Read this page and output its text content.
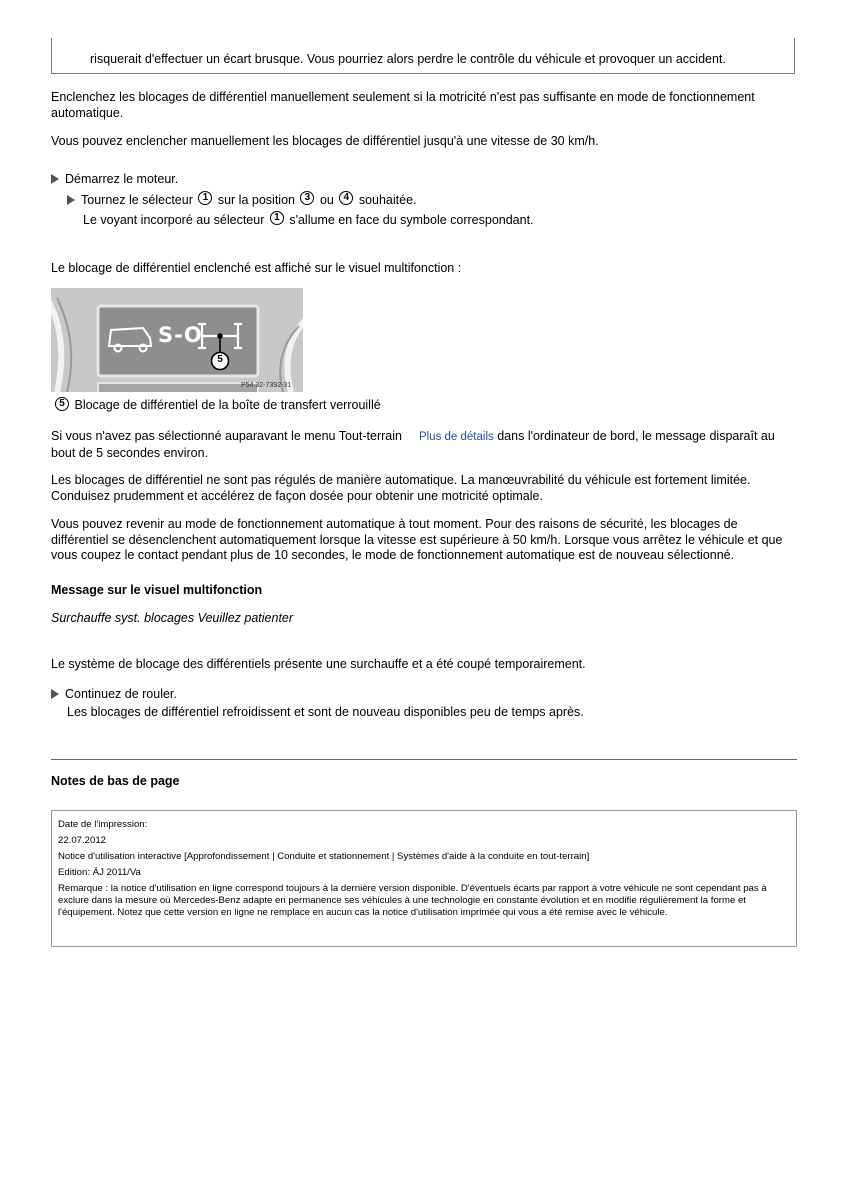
risquerait d'effectuer un écart brusque. Vous pourriez alors perdre le contrôle du véhicule et provoquer un accident.
Enclenchez les blocages de différentiel manuellement seulement si la motricité n'est pas suffisante en mode de fonctionnement automatique.
Vous pouvez enclencher manuellement les blocages de différentiel jusqu'à une vitesse de 30 km/h.
Démarrez le moteur.
Tournez le sélecteur 1 sur la position 3 ou 4 souhaitée.
Le voyant incorporé au sélecteur 1 s'allume en face du symbole correspondant.
Le blocage de différentiel enclenché est affiché sur le visuel multifonction :
S-O
5
P54.32-7392-31
5 Blocage de différentiel de la boîte de transfert verrouillé
Si vous n'avez pas sélectionné auparavant le menu Tout-terrain Plus de détails dans l'ordinateur de bord, le message disparaît au bout de 5 secondes environ.
Les blocages de différentiel ne sont pas régulés de manière automatique. La manœuvrabilité du véhicule est fortement limitée. Conduisez prudemment et accélérez de façon dosée pour obtenir une motricité optimale.
Vous pouvez revenir au mode de fonctionnement automatique à tout moment. Pour des raisons de sécurité, les blocages de différentiel se désenclenchent automatiquement lorsque la vitesse est supérieure à 50 km/h. Lorsque vous arrêtez le véhicule et que vous coupez le contact pendant plus de 10 secondes, le mode de fonctionnement automatique est de nouveau sélectionné.
Message sur le visuel multifonction
Surchauffe syst. blocages Veuillez patienter
Le système de blocage des différentiels présente une surchauffe et a été coupé temporairement.
Continuez de rouler.
Les blocages de différentiel refroidissent et sont de nouveau disponibles peu de temps après.
Notes de bas de page
Date de l'impression:
22.07.2012
Notice d'utilisation interactive [Approfondissement | Conduite et stationnement | Systèmes d'aide à la conduite en tout-terrain]
Edition: ÄJ 2011/Va
Remarque : la notice d'utilisation en ligne correspond toujours à la dernière version disponible. D'éventuels écarts par rapport à votre véhicule ne sont cependant pas à exclure dans la mesure où Mercedes-Benz adapte en permanence ses véhicules à une technologie en constante évolution et en modifie régulièrement la forme et l'équipement. Notez que cette version en ligne ne remplace en aucun cas la notice d'utilisation imprimée qui vous a été remise avec le véhicule.
